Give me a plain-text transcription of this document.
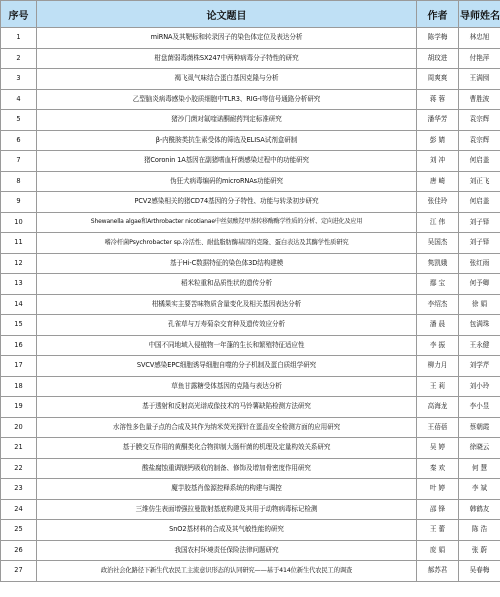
序号	论文题目	作者	导师姓名
1	miRNA及其靶标和转录因子的染色体定位及表达分析	陈学梅	林忠旭
2	柑盘菌弱毒菌株SX247中两种病毒分子特性的研究	胡玟进	付艳萍
3	褐飞虱气味结合蛋白基因克隆与分析	周爽爽	王满囤
4	乙型脑炎病毒感染小胶质细胞中TLR3、RIG-I等信号通路分析研究	蒋 蓉	曹胜波
5	猪沙门菌对氟喹诺酮耐药判定标准研究	潘华芳	袁宗辉
6	β-内酰胺类抗生素受体的筛选及ELISA试剂盒研制	彭 婧	袁宗辉
7	猪Coronin 1A基因在副猪嗜血杆菌感染过程中的功能研究	刘 冲	何启盖
8	伪狂犬病毒编码的microRNAs功能研究	唐 崎	刘正飞
9	PCV2感染相关的猪CD74基因的分子特性、功能与转录初步研究	张佳玲	何启盖
10	Shewanella algae和Arthrobacter nicotianae中丝氨酸羟甲基转移酶酶学性质的分析、定向进化及应用	江 伟	刘子铎
11	嗜冷杆菌Psychrobacter sp.冷活性、耐盐脂肪酶基因的克隆、蛋白表达及其酶学性质研究	吴国杰	刘子铎
12	基于Hi-C数据特征的染色体3D结构建模	隽凯娥	张红雨
13	稻米粒重和品质性状的遗传分析	鄢 宝	何予卿
14	柑橘果实主要苦味物质含量变化及相关基因表达分析	李绍杰	徐 娟
15	孔雀草与万寿菊杂交育种及遗传效应分析	潘 晨	包满珠
16	中国不同地域入侵植物一年蓬的生长和繁殖特征适应性	李 振	王永健
17	SVCV感染EPC细胞诱导细胞自噬的分子机制及蛋白质组学研究	柳力月	刘学芹
18	草鱼甘露糖受体基因的克隆与表达分析	王 莉	刘小玲
19	基于透射和反射高光谱成像技术的马铃薯缺陷检测方法研究	高海龙	李小昱
20	水溶性多色量子点的合成及其作为纳米荧光探针在蛋品安全检测方面的应用研究	王蓓蓓	蔡朝霞
21	基于膜交互作用的黄酮类化合物抑制大肠杆菌的机理及定量构效关系研究	吴 婷	徐晓云
22	酸盐腐蚀重调镁钙吸收的制备、修饰及增加骨密度作用研究	秦 欢	何 慧
23	魔芋胶基肖像源控释系统的构建与调控	叶 婷	李 斌
24	三维仿生表面增强拉曼散射基底构建及其用于动物病毒标记检测	邵 锋	韩鹤友
25	SnO2基材料的合成及其气敏性能的研究	王 蕾	陈 浩
26	我国农村环境责任保险法律问题研究	庞 娟	张 蔚
27	政治社会化路径下新生代农民工主流意识形态的认同研究——基于414位新生代农民工的调查	郝苏君	吴春梅
